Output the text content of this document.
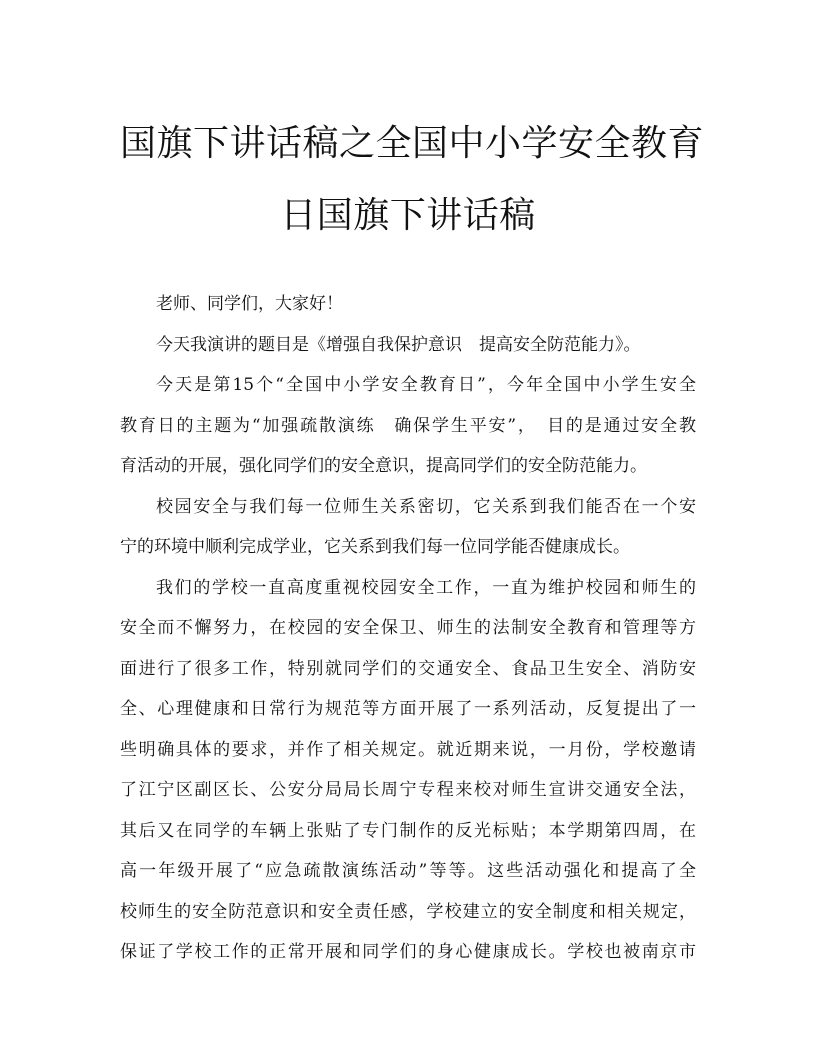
国旗下讲话稿之全国中小学安全教育
日国旗下讲话稿

老师、同学们，大家好！

今天我演讲的题目是《增强自我保护意识　提高安全防范能力》。

今天是第15个“全国中小学安全教育日”，今年全国中小学生安全
教育日的主题为“加强疏散演练　确保学生平安”，　目的是通过安全教
育活动的开展，强化同学们的安全意识，提高同学们的安全防范能力。

校园安全与我们每一位师生关系密切，它关系到我们能否在一个安
宁的环境中顺利完成学业，它关系到我们每一位同学能否健康成长。

我们的学校一直高度重视校园安全工作，一直为维护校园和师生的
安全而不懈努力，在校园的安全保卫、师生的法制安全教育和管理等方
面进行了很多工作，特别就同学们的交通安全、食品卫生安全、消防安
全、心理健康和日常行为规范等方面开展了一系列活动，反复提出了一
些明确具体的要求，并作了相关规定。就近期来说，一月份，学校邀请
了江宁区副区长、公安分局局长周宁专程来校对师生宣讲交通安全法，
其后又在同学的车辆上张贴了专门制作的反光标贴；本学期第四周，在
高一年级开展了“应急疏散演练活动”等等。这些活动强化和提高了全
校师生的安全防范意识和安全责任感，学校建立的安全制度和相关规定，
保证了学校工作的正常开展和同学们的身心健康成长。学校也被南京市
